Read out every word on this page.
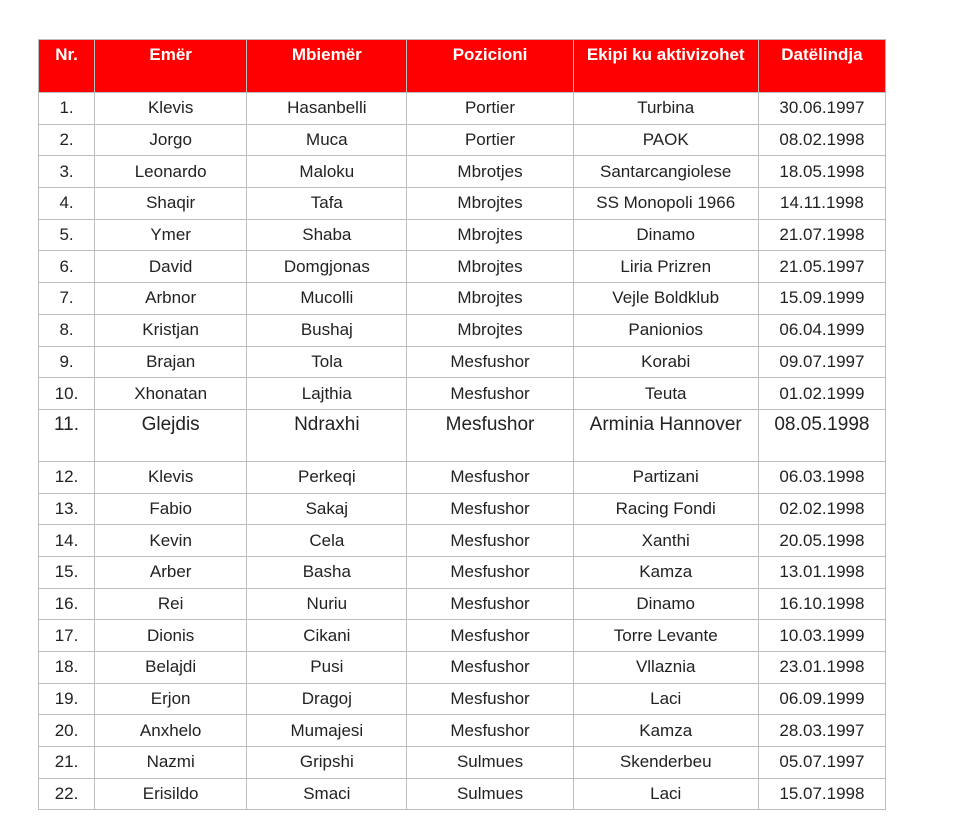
Nr.	Emër	Mbiemër	Pozicioni	Ekipi ku aktivizohet	Datëlindja
1.	Klevis	Hasanbelli	Portier	Turbina	30.06.1997
2.	Jorgo	Muca	Portier	PAOK	08.02.1998
3.	Leonardo	Maloku	Mbrotjes	Santarcangiolese	18.05.1998
4.	Shaqir	Tafa	Mbrojtes	SS Monopoli 1966	14.11.1998
5.	Ymer	Shaba	Mbrojtes	Dinamo	21.07.1998
6.	David	Domgjonas	Mbrojtes	Liria Prizren	21.05.1997
7.	Arbnor	Mucolli	Mbrojtes	Vejle Boldklub	15.09.1999
8.	Kristjan	Bushaj	Mbrojtes	Panionios	06.04.1999
9.	Brajan	Tola	Mesfushor	Korabi	09.07.1997
10.	Xhonatan	Lajthia	Mesfushor	Teuta	01.02.1999
11.	Glejdis	Ndraxhi	Mesfushor	Arminia Hannover	08.05.1998
12.	Klevis	Perkeqi	Mesfushor	Partizani	06.03.1998
13.	Fabio	Sakaj	Mesfushor	Racing Fondi	02.02.1998
14.	Kevin	Cela	Mesfushor	Xanthi	20.05.1998
15.	Arber	Basha	Mesfushor	Kamza	13.01.1998
16.	Rei	Nuriu	Mesfushor	Dinamo	16.10.1998
17.	Dionis	Cikani	Mesfushor	Torre Levante	10.03.1999
18.	Belajdi	Pusi	Mesfushor	Vllaznia	23.01.1998
19.	Erjon	Dragoj	Mesfushor	Laci	06.09.1999
20.	Anxhelo	Mumajesi	Mesfushor	Kamza	28.03.1997
21.	Nazmi	Gripshi	Sulmues	Skenderbeu	05.07.1997
22.	Erisildo	Smaci	Sulmues	Laci	15.07.1998
